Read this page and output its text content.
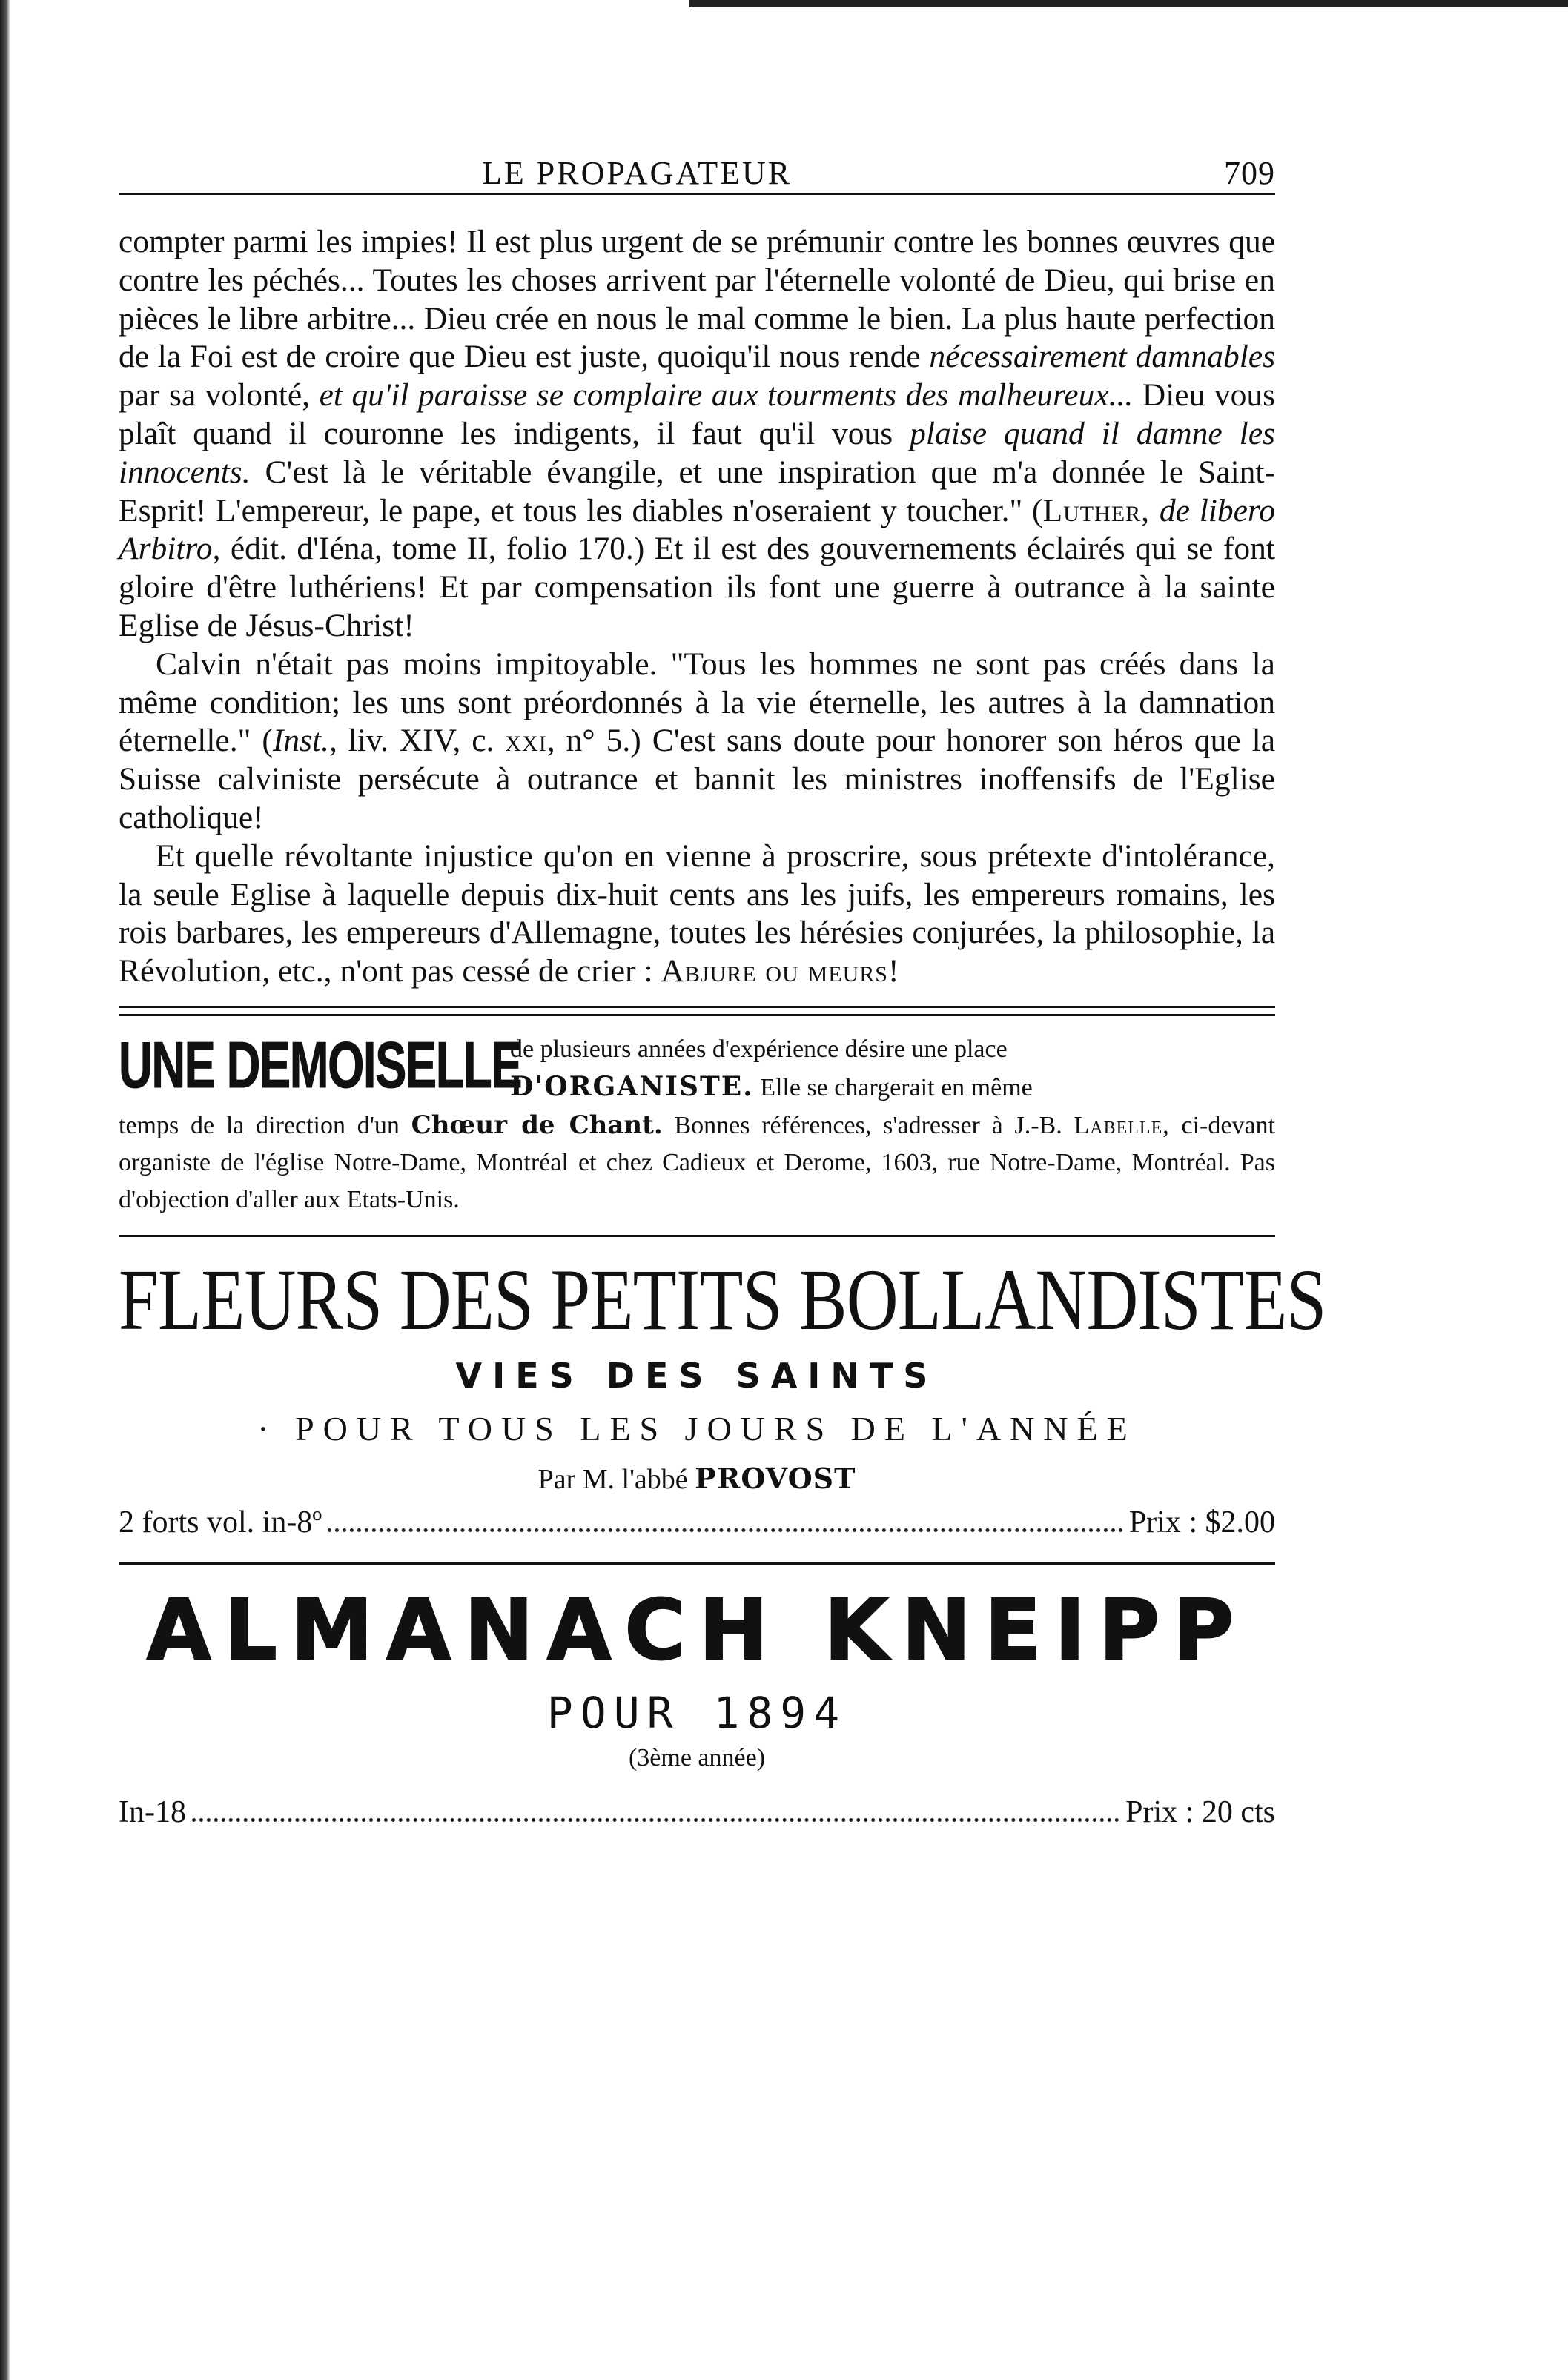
LE PROPAGATEUR	709

compter parmi les impies! Il est plus urgent de se prémunir contre les bonnes œuvres que contre les péchés... Toutes les choses arrivent par l'éternelle volonté de Dieu, qui brise en pièces le libre arbitre... Dieu crée en nous le mal comme le bien. La plus haute perfection de la Foi est de croire que Dieu est juste, quoiqu'il nous rende nécessairement damnables par sa volonté, et qu'il paraisse se complaire aux tourments des malheureux... Dieu vous plaît quand il couronne les indigents, il faut qu'il vous plaise quand il damne les innocents. C'est là le véritable évangile, et une inspiration que m'a donnée le Saint-Esprit! L'empereur, le pape, et tous les diables n'oseraient y toucher." (Luther, de libero Arbitro, édit. d'Iéna, tome II, folio 170.) Et il est des gouvernements éclairés qui se font gloire d'être luthériens! Et par compensation ils font une guerre à outrance à la sainte Eglise de Jésus-Christ!

Calvin n'était pas moins impitoyable. "Tous les hommes ne sont pas créés dans la même condition; les uns sont préordonnés à la vie éternelle, les autres à la damnation éternelle." (Inst., liv. XIV, c. xxi, n° 5.) C'est sans doute pour honorer son héros que la Suisse calviniste persécute à outrance et bannit les ministres inoffensifs de l'Eglise catholique!

Et quelle révoltante injustice qu'on en vienne à proscrire, sous prétexte d'intolérance, la seule Eglise à laquelle depuis dix-huit cents ans les juifs, les empereurs romains, les rois barbares, les empereurs d'Allemagne, toutes les hérésies conjurées, la philosophie, la Révolution, etc., n'ont pas cessé de crier : Abjure ou meurs!

UNE DEMOISELLE
de plusieurs années d'expérience désire une place
D'ORGANISTE. Elle se chargerait en même
temps de la direction d'un Chœur de Chant. Bonnes références, s'adresser à J.-B. Labelle, ci-devant organiste de l'église Notre-Dame, Montréal et chez Cadieux et Derome, 1603, rue Notre-Dame, Montréal. Pas d'objection d'aller aux Etats-Unis.
FLEURS DES PETITS BOLLANDISTES
VIES DES SAINTS
· POUR TOUS LES JOURS DE L'ANNÉE
Par M. l'abbé PROVOST
2 forts vol. in-8º	Prix : $2.00
ALMANACH KNEIPP
POUR 1894
(3ème année)
In-18	Prix : 20 cts
